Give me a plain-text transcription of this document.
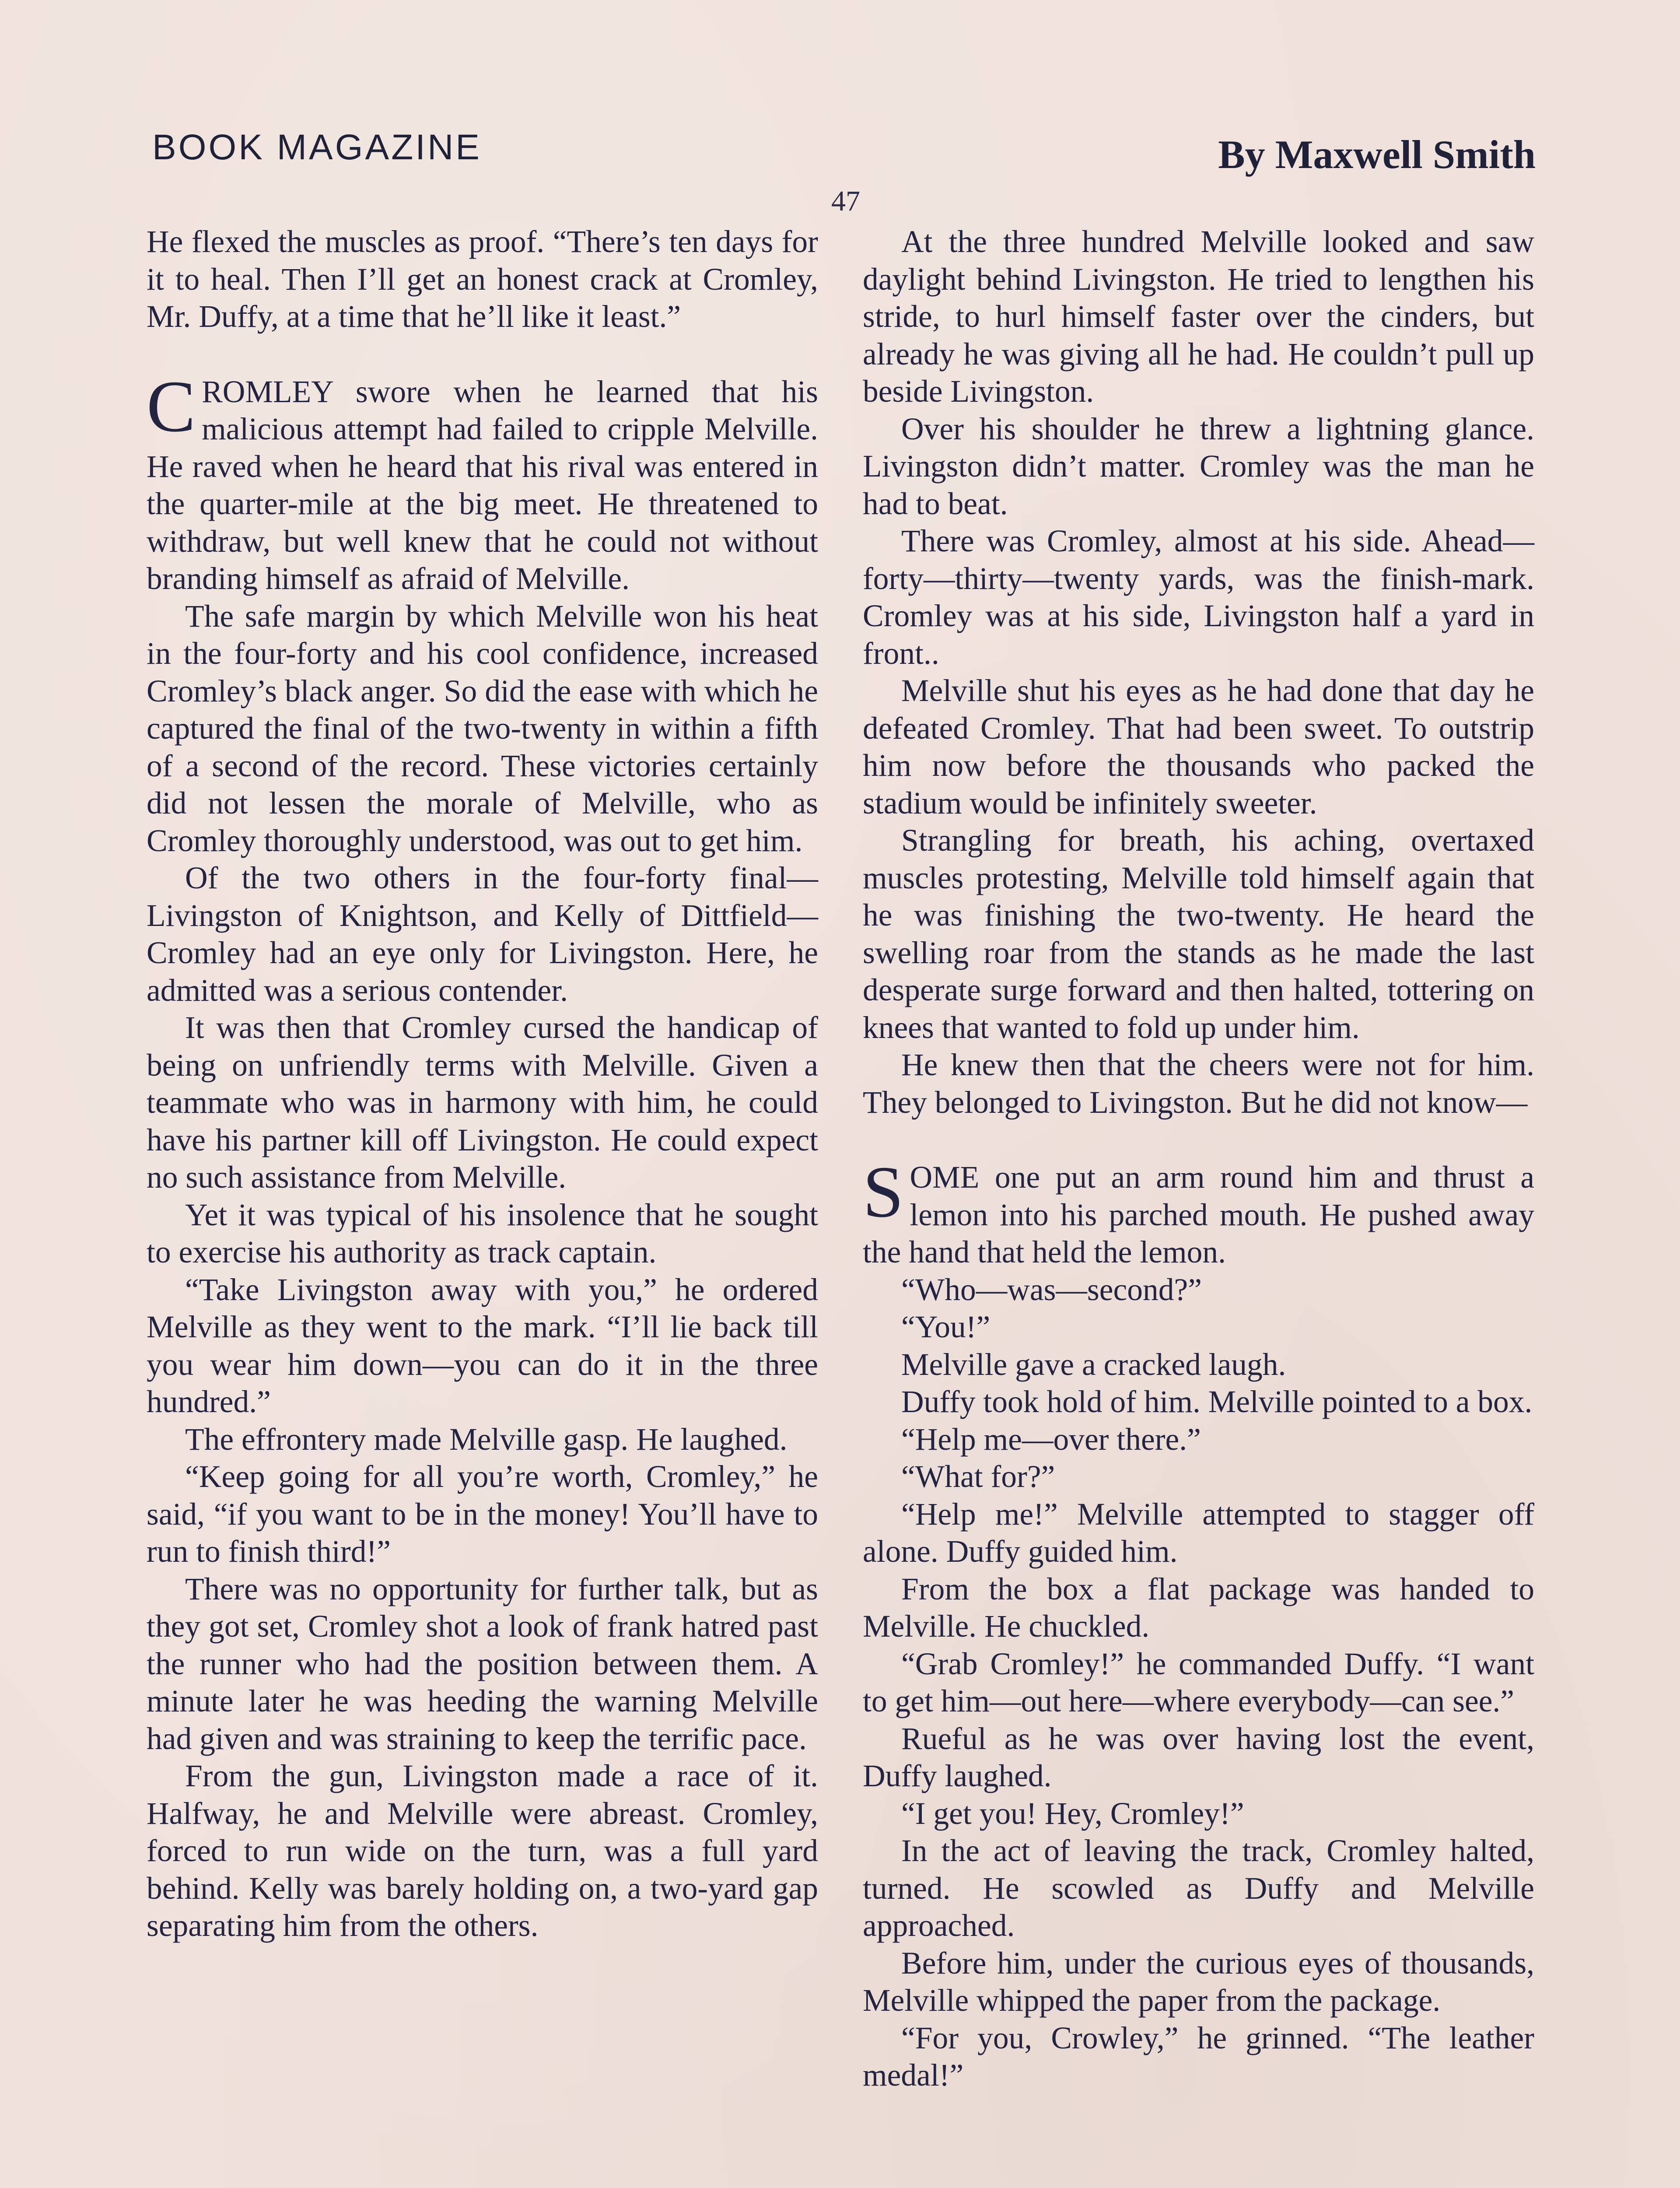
BOOK MAGAZINE	By Maxwell Smith
47

He flexed the muscles as proof. “There’s ten days for it to heal. Then I’ll get an honest crack at Cromley, Mr. Duffy, at a time that he’ll like it least.”

CROMLEY swore when he learned that his malicious attempt had failed to cripple Melville. He raved when he heard that his rival was entered in the quarter-mile at the big meet. He threatened to withdraw, but well knew that he could not without branding himself as afraid of Melville.

The safe margin by which Melville won his heat in the four-forty and his cool confidence, increased Cromley’s black anger. So did the ease with which he captured the final of the two-twenty in within a fifth of a second of the record. These victories certainly did not lessen the morale of Melville, who as Cromley thoroughly understood, was out to get him.

Of the two others in the four-forty final—Livingston of Knightson, and Kelly of Dittfield—Cromley had an eye only for Livingston. Here, he admitted was a serious contender.

It was then that Cromley cursed the handicap of being on unfriendly terms with Melville. Given a teammate who was in harmony with him, he could have his partner kill off Livingston. He could expect no such assistance from Melville.

Yet it was typical of his insolence that he sought to exercise his authority as track captain.

“Take Livingston away with you,” he ordered Melville as they went to the mark. “I’ll lie back till you wear him down—you can do it in the three hundred.”

The effrontery made Melville gasp. He laughed.

“Keep going for all you’re worth, Cromley,” he said, “if you want to be in the money! You’ll have to run to finish third!”

There was no opportunity for further talk, but as they got set, Cromley shot a look of frank hatred past the runner who had the position between them. A minute later he was heeding the warning Melville had given and was straining to keep the terrific pace.

From the gun, Livingston made a race of it. Halfway, he and Melville were abreast. Cromley, forced to run wide on the turn, was a full yard behind. Kelly was barely holding on, a two-yard gap separating him from the others.

At the three hundred Melville looked and saw daylight behind Livingston. He tried to lengthen his stride, to hurl himself faster over the cinders, but already he was giving all he had. He couldn’t pull up beside Livingston.

Over his shoulder he threw a lightning glance. Livingston didn’t matter. Cromley was the man he had to beat.

There was Cromley, almost at his side. Ahead—forty—thirty—twenty yards, was the finish-mark. Cromley was at his side, Livingston half a yard in front..

Melville shut his eyes as he had done that day he defeated Cromley. That had been sweet. To outstrip him now before the thousands who packed the stadium would be infinitely sweeter.

Strangling for breath, his aching, overtaxed muscles protesting, Melville told himself again that he was finishing the two-twenty. He heard the swelling roar from the stands as he made the last desperate surge forward and then halted, tottering on knees that wanted to fold up under him.

He knew then that the cheers were not for him. They belonged to Livingston. But he did not know—

SOME one put an arm round him and thrust a lemon into his parched mouth. He pushed away the hand that held the lemon.

“Who—was—second?”

“You!”

Melville gave a cracked laugh.

Duffy took hold of him. Melville pointed to a box.

“Help me—over there.”

“What for?”

“Help me!” Melville attempted to stagger off alone. Duffy guided him.

From the box a flat package was handed to Melville. He chuckled.

“Grab Cromley!” he commanded Duffy. “I want to get him—out here—where everybody—can see.”

Rueful as he was over having lost the event, Duffy laughed.

“I get you! Hey, Cromley!”

In the act of leaving the track, Cromley halted, turned. He scowled as Duffy and Melville approached.

Before him, under the curious eyes of thousands, Melville whipped the paper from the package.

“For you, Crowley,” he grinned. “The leather medal!”
